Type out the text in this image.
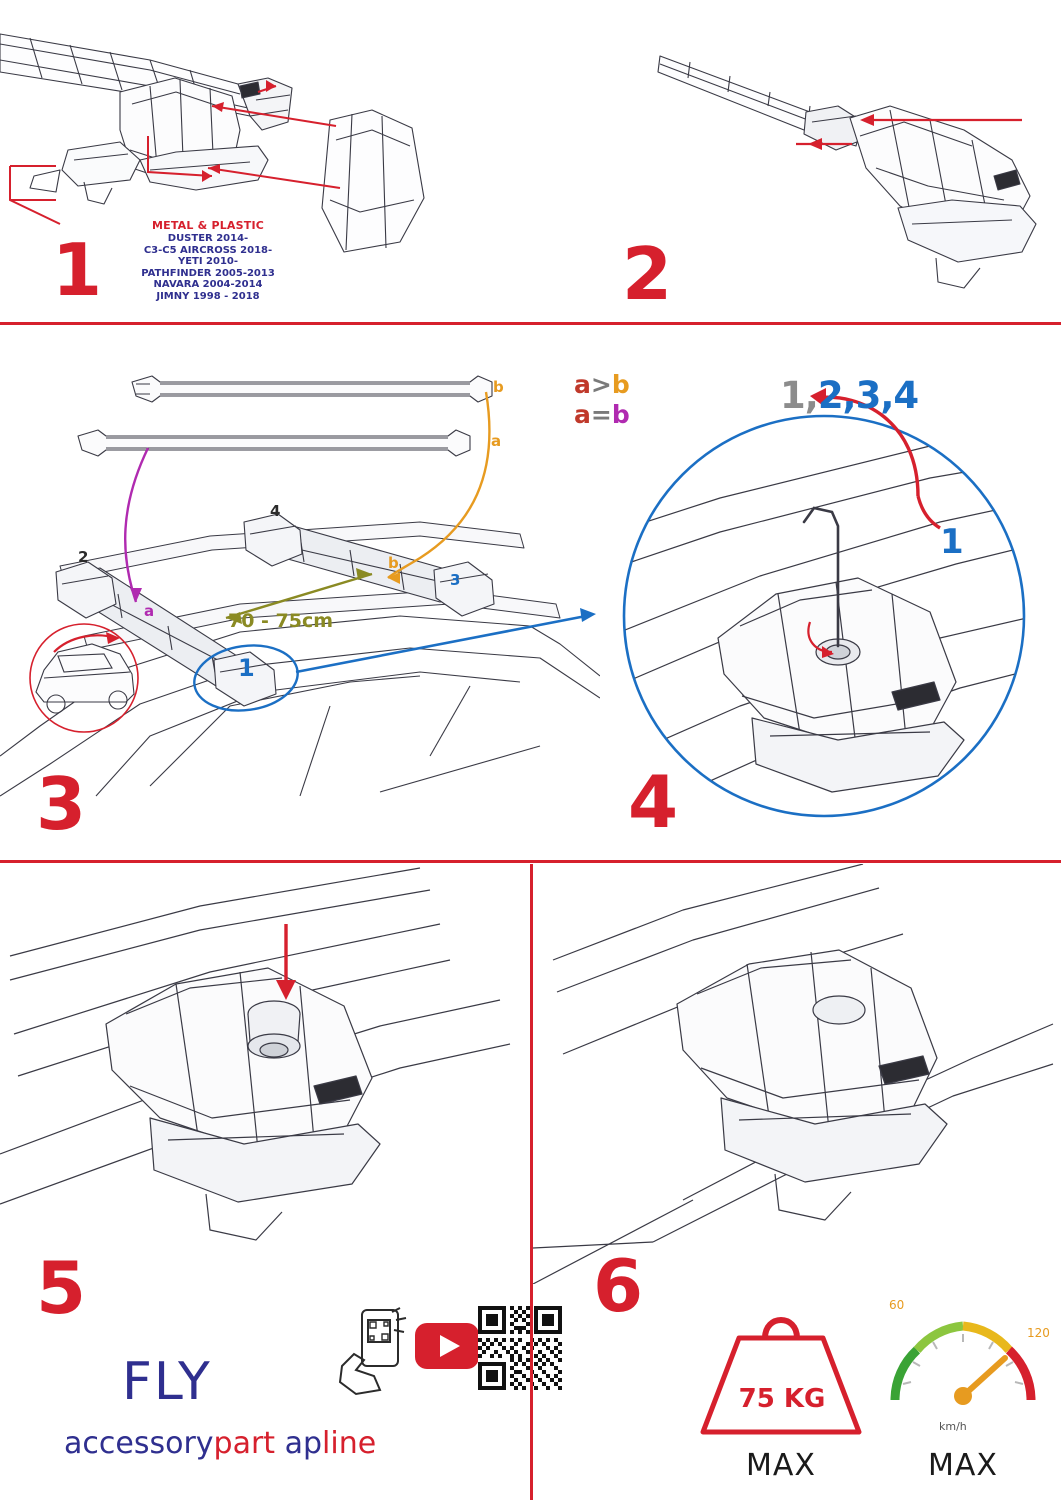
METAL & PLASTIC
DUSTER 2014-
C3-C5 AIRCROSS 2018-
YETI 2010-
PATHFINDER 2005-2013
NAVARA 2004-2014
JIMNY 1998 - 2018
1	2
b
a
2
4
3
a
b
1
70 - 75cm
3
1,2,3,4
1
4
a>b
a=b
5
FLY
accessorypart apline
6
75 KG
MAX
60
120
km/h
MAX
